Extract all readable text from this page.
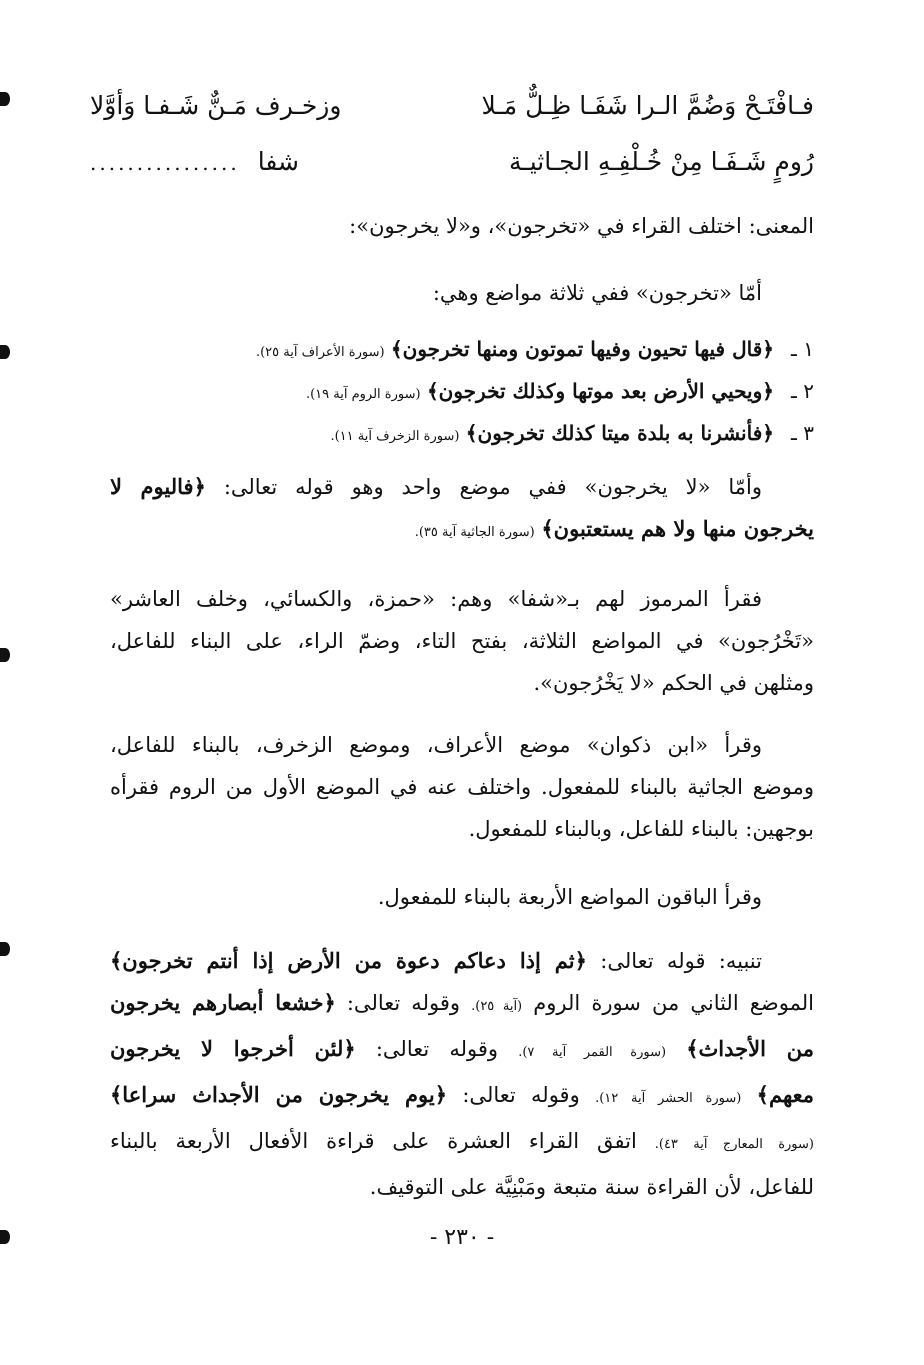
فـافْتَـحْ وَضُمَّ الـرا شَفَـا ظِـلٌّ مَـلا
وزخـرف مَـنٌّ شَـفـا وَأوَّلا
رُومٍ شَـفَـا مِنْ خُـلْفِـهِ الجـاثيـة
شفا
................
المعنى: اختلف القراء في «تخرجون»، و«لا يخرجون»:
أمّا «تخرجون» ففي ثلاثة مواضع وهي:
١ ـ﴿قال فيها تحيون وفيها تموتون ومنها تخرجون﴾ (سورة الأعراف آية ٢٥).
٢ ـ﴿ويحيي الأرض بعد موتها وكذلك تخرجون﴾ (سورة الروم آية ١٩).
٣ ـ﴿فأنشرنا به بلدة ميتا كذلك تخرجون﴾ (سورة الزخرف آية ١١).
وأمّا «لا يخرجون» ففي موضع واحد وهو قوله تعالى: ﴿فاليوم لا
يخرجون منها ولا هم يستعتبون﴾ (سورة الجاثية آية ٣٥).
فقرأ المرموز لهم بـ«شفا» وهم: «حمزة، والكسائي، وخلف العاشر»
«تَخْرُجون» في المواضع الثلاثة، بفتح التاء، وضمّ الراء، على البناء للفاعل،
ومثلهن في الحكم «لا يَخْرُجون».
وقرأ «ابن ذكوان» موضع الأعراف، وموضع الزخرف، بالبناء للفاعل،
وموضع الجاثية بالبناء للمفعول. واختلف عنه في الموضع الأول من الروم فقرأه
بوجهين: بالبناء للفاعل، وبالبناء للمفعول.
وقرأ الباقون المواضع الأربعة بالبناء للمفعول.
تنبيه: قوله تعالى: ﴿ثم إذا دعاكم دعوة من الأرض إذا أنتم تخرجون﴾
الموضع الثاني من سورة الروم (آية ٢٥). وقوله تعالى: ﴿خشعا أبصارهم يخرجون
من الأجداث﴾ (سورة القمر آية ٧). وقوله تعالى: ﴿لئن أخرجوا لا يخرجون
معهم﴾ (سورة الحشر آية ١٢). وقوله تعالى: ﴿يوم يخرجون من الأجداث سراعا﴾
(سورة المعارج آية ٤٣). اتفق القراء العشرة على قراءة الأفعال الأربعة بالبناء
للفاعل، لأن القراءة سنة متبعة ومَبْنِيَّة على التوقيف.
- ٢٣٠ -
